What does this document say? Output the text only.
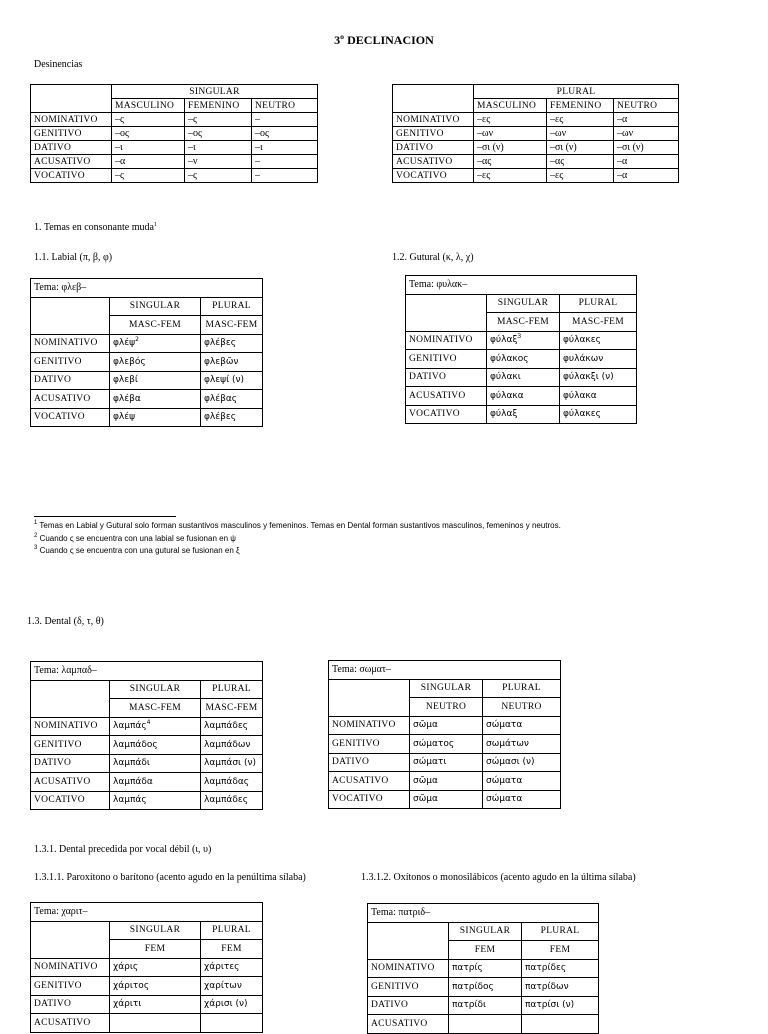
3º DECLINACION
Desinencias
	SINGULAR		
	MASCULINO	FEMENINO	NEUTRO
NOMINATIVO	–ς	–ς	–
GENITIVO	–ος	–ος	–ος
DATIVO	–ι	–ι	–ι
ACUSATIVO	–α	–ν	–
VOCATIVO	–ς	–ς	–
	PLURAL		
	MASCULINO	FEMENINO	NEUTRO
NOMINATIVO	–ες	–ες	–α
GENITIVO	–ων	–ων	–ων
DATIVO	–σι (ν)	–σι (ν)	–σι (ν)
ACUSATIVO	–ας	–ας	–α
VOCATIVO	–ες	–ες	–α
1. Temas en consonante muda$^1$
1.1. Labial (π, β, φ)	1.2. Gutural (κ, λ, χ)
Tema: φλεβ–		
	SINGULAR	PLURAL
	MASC-FEM	MASC-FEM
NOMINATIVO	φλέψ$^2$	φλέβες
GENITIVO	φλεβός	φλεβῶν
DATIVO	φλεβί	φλεψί (ν)
ACUSATIVO	φλέβα	φλέβας
VOCATIVO	φλέψ	φλέβες
Tema: φυλακ–		
	SINGULAR	PLURAL
	MASC-FEM	MASC-FEM
NOMINATIVO	φύλαξ$^3$	φύλακες
GENITIVO	φύλακος	φυλάκων
DATIVO	φύλακι	φύλακξι (ν)
ACUSATIVO	φύλακα	φύλακα
VOCATIVO	φύλαξ	φύλακες
$^1$ Temas en Labial y Gutural solo forman sustantivos masculinos y femeninos. Temas en Dental forman sustantivos masculinos, femeninos y neutros.
$^2$ Cuando ς se encuentra con una labial se fusionan en ψ
$^3$ Cuando ς se encuentra con una gutural se fusionan en ξ
1.3. Dental (δ, τ, θ)
Tema: λαμπαδ–		
	SINGULAR	PLURAL
	MASC-FEM	MASC-FEM
NOMINATIVO	λαμπάς$^4$	λαμπάδες
GENITIVO	λαμπάδος	λαμπάδων
DATIVO	λαμπάδι	λαμπάσι (ν)
ACUSATIVO	λαμπάδα	λαμπάδας
VOCATIVO	λαμπάς	λαμπάδες
Tema: σωματ–		
	SINGULAR	PLURAL
	NEUTRO	NEUTRO
NOMINATIVO	σῶμα	σώματα
GENITIVO	σώματος	σωμάτων
DATIVO	σώματι	σώμασι (ν)
ACUSATIVO	σῶμα	σώματα
VOCATIVO	σῶμα	σώματα
1.3.1. Dental precedida por vocal débil (ι, υ)
1.3.1.1. Paroxítono o barítono (acento agudo en la penúltima sílaba)	1.3.1.2. Oxítonos o monosilábicos (acento agudo en la última sílaba)
Tema: χαριτ–		
	SINGULAR	PLURAL
	FEM	FEM
NOMINATIVO	χάρις	χάριτες
GENITIVO	χάριτος	χαρίτων
DATIVO	χάριτι	χάρισι (ν)
ACUSATIVO		
Tema: πατριδ–		
	SINGULAR	PLURAL
	FEM	FEM
NOMINATIVO	πατρίς	πατρίδες
GENITIVO	πατρίδος	πατρίδων
DATIVO	πατρίδι	πατρίσι (ν)
ACUSATIVO		
